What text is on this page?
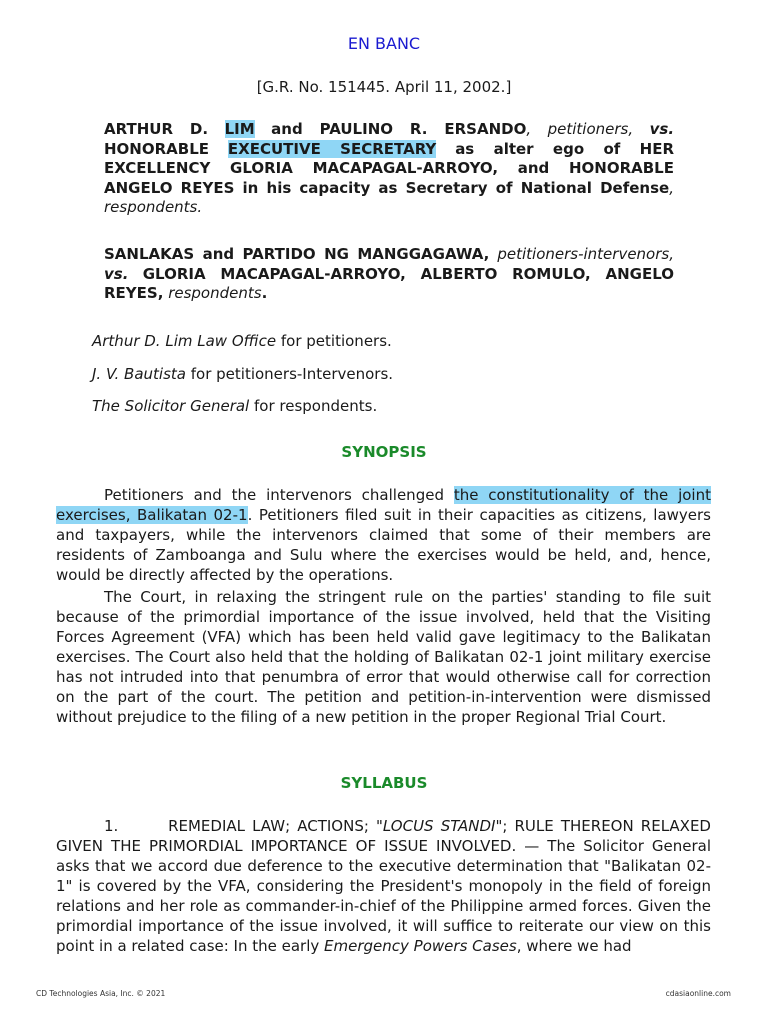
EN BANC
[G.R. No. 151445. April 11, 2002.]
ARTHUR D. LIM and PAULINO R. ERSANDO, petitioners, vs. HONORABLE EXECUTIVE SECRETARY as alter ego of HER EXCELLENCY GLORIA MACAPAGAL-ARROYO, and HONORABLE ANGELO REYES in his capacity as Secretary of National Defense, respondents.
SANLAKAS and PARTIDO NG MANGGAGAWA, petitioners-intervenors, vs. GLORIA MACAPAGAL-ARROYO, ALBERTO ROMULO, ANGELO REYES, respondents.
Arthur D. Lim Law Office for petitioners.
J. V. Bautista for petitioners-Intervenors.
The Solicitor General for respondents.
SYNOPSIS
Petitioners and the intervenors challenged the constitutionality of the joint exercises, Balikatan 02-1. Petitioners filed suit in their capacities as citizens, lawyers and taxpayers, while the intervenors claimed that some of their members are residents of Zamboanga and Sulu where the exercises would be held, and, hence, would be directly affected by the operations.
The Court, in relaxing the stringent rule on the parties' standing to file suit because of the primordial importance of the issue involved, held that the Visiting Forces Agreement (VFA) which has been held valid gave legitimacy to the Balikatan exercises. The Court also held that the holding of Balikatan 02-1 joint military exercise has not intruded into that penumbra of error that would otherwise call for correction on the part of the court. The petition and petition-in-intervention were dismissed without prejudice to the filing of a new petition in the proper Regional Trial Court.
SYLLABUS
1.	REMEDIAL LAW; ACTIONS; "LOCUS STANDI"; RULE THEREON RELAXED GIVEN THE PRIMORDIAL IMPORTANCE OF ISSUE INVOLVED. — The Solicitor General asks that we accord due deference to the executive determination that "Balikatan 02-1" is covered by the VFA, considering the President's monopoly in the field of foreign relations and her role as commander-in-chief of the Philippine armed forces. Given the primordial importance of the issue involved, it will suffice to reiterate our view on this point in a related case: In the early Emergency Powers Cases, where we had
CD Technologies Asia, Inc. © 2021	cdasiaonline.com
